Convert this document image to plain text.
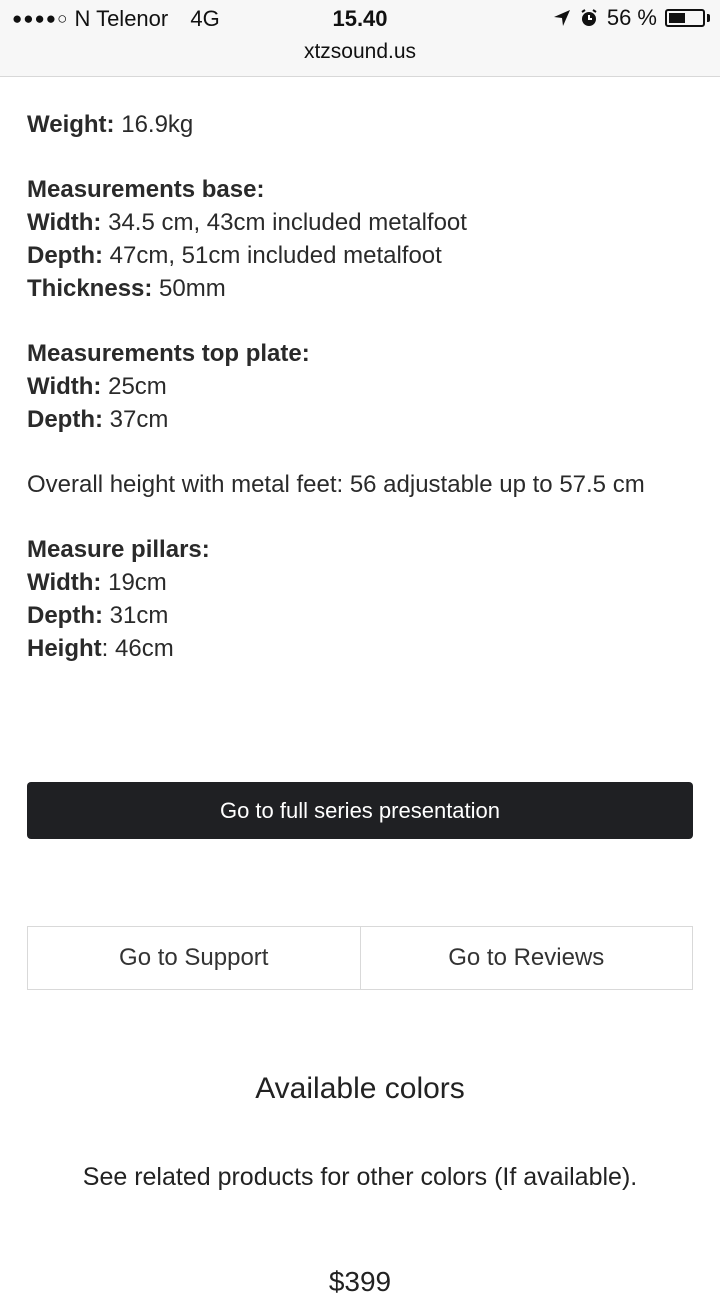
●●●●○ N Telenor 4G	15.40
xtzsound.us
56 %

Weight: 16.9kg

Measurements base:
Width: 34.5 cm, 43cm included metalfoot
Depth: 47cm, 51cm included metalfoot
Thickness: 50mm

Measurements top plate:
Width: 25cm
Depth: 37cm

Overall height with metal feet: 56 adjustable up to 57.5 cm

Measure pillars:
Width: 19cm
Depth: 31cm
Height: 46cm

Go to full series presentation
Go to Support	Go to Reviews
Available colors
See related products for other colors (If available).
$399
